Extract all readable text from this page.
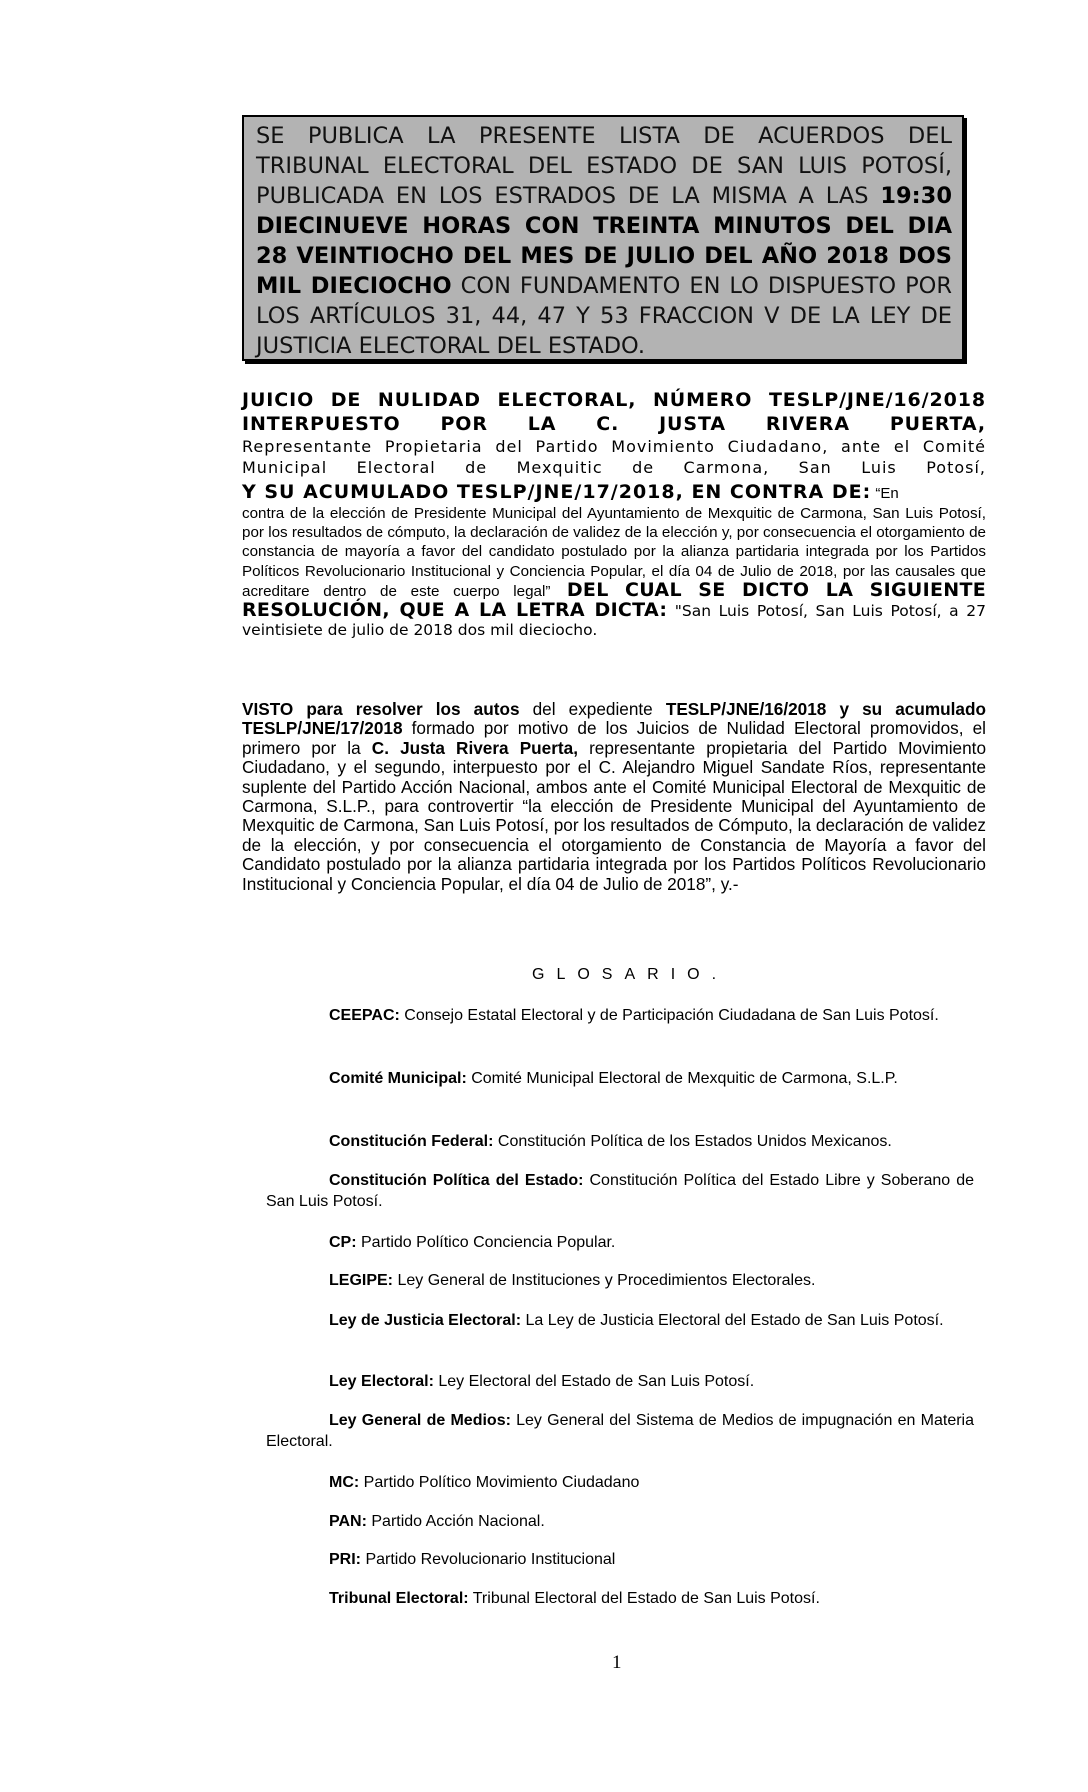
SE PUBLICA LA PRESENTE LISTA DE ACUERDOS DEL TRIBUNAL ELECTORAL DEL ESTADO DE SAN LUIS POTOSÍ, PUBLICADA EN LOS ESTRADOS DE LA MISMA A LAS 19:30 DIECINUEVE HORAS CON TREINTA MINUTOS DEL DIA 28 VEINTIOCHO DEL MES DE JULIO DEL AÑO 2018 DOS MIL DIECIOCHO CON FUNDAMENTO EN LO DISPUESTO POR LOS ARTÍCULOS 31, 44, 47 Y 53 FRACCION V DE LA LEY DE JUSTICIA ELECTORAL DEL ESTADO.
JUICIO DE NULIDAD ELECTORAL, NÚMERO TESLP/JNE/16/2018 INTERPUESTO POR LA C. JUSTA RIVERA PUERTA,
Representante Propietaria del Partido Movimiento Ciudadano, ante el Comité Municipal Electoral de Mexquitic de Carmona, San Luis Potosí,
Y SU ACUMULADO TESLP/JNE/17/2018, EN CONTRA DE: “En
contra de la elección de Presidente Municipal del Ayuntamiento de Mexquitic de Carmona, San Luis Potosí, por los resultados de cómputo, la declaración de validez de la elección y, por consecuencia el otorgamiento de constancia de mayoría a favor del candidato postulado por la alianza partidaria integrada por los Partidos Políticos Revolucionario Institucional y Conciencia Popular, el día 04 de Julio de 2018, por las causales que acreditare dentro de este cuerpo legal” DEL CUAL SE DICTO LA SIGUIENTE RESOLUCIÓN, QUE A LA LETRA DICTA: "San Luis Potosí, San Luis Potosí, a 27 veintisiete de julio de 2018 dos mil dieciocho.
VISTO para resolver los autos del expediente TESLP/JNE/16/2018 y su acumulado TESLP/JNE/17/2018 formado por motivo de los Juicios de Nulidad Electoral promovidos, el primero por la C. Justa Rivera Puerta, representante propietaria del Partido Movimiento Ciudadano, y el segundo, interpuesto por el C. Alejandro Miguel Sandate Ríos, representante suplente del Partido Acción Nacional, ambos ante el Comité Municipal Electoral de Mexquitic de Carmona, S.L.P., para controvertir “la elección de Presidente Municipal del Ayuntamiento de Mexquitic de Carmona, San Luis Potosí, por los resultados de Cómputo, la declaración de validez de la elección, y por consecuencia el otorgamiento de Constancia de Mayoría a favor del Candidato postulado por la alianza partidaria integrada por los Partidos Políticos Revolucionario Institucional y Conciencia Popular, el día 04 de Julio de 2018”, y.-
GLOSARIO.
CEEPAC: Consejo Estatal Electoral y de Participación Ciudadana de San Luis Potosí.
Comité Municipal: Comité Municipal Electoral de Mexquitic de Carmona, S.L.P.
Constitución Federal: Constitución Política de los Estados Unidos Mexicanos.
Constitución Política del Estado: Constitución Política del Estado Libre y Soberano de San Luis Potosí.
CP: Partido Político Conciencia Popular.
LEGIPE: Ley General de Instituciones y Procedimientos Electorales.
Ley de Justicia Electoral: La Ley de Justicia Electoral del Estado de San Luis Potosí.
Ley Electoral: Ley Electoral del Estado de San Luis Potosí.
Ley General de Medios: Ley General del Sistema de Medios de impugnación en Materia Electoral.
MC: Partido Político Movimiento Ciudadano
PAN: Partido Acción Nacional.
PRI: Partido Revolucionario Institucional
Tribunal Electoral: Tribunal Electoral del Estado de San Luis Potosí.
1
